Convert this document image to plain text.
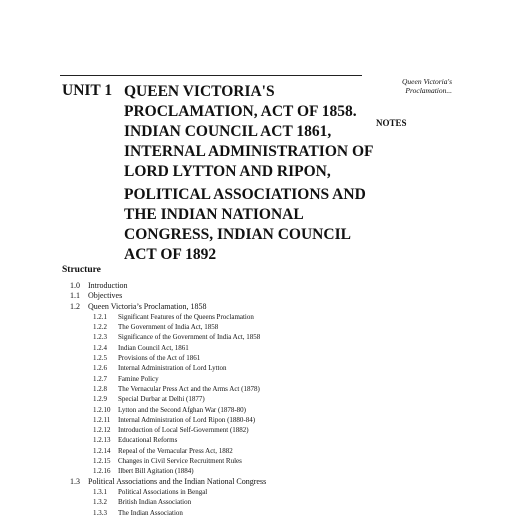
UNIT 1 QUEEN VICTORIA'S
PROCLAMATION, ACT OF 1858.
INDIAN COUNCIL ACT 1861,
INTERNAL ADMINISTRATION OF
LORD LYTTON AND RIPON,
POLITICAL ASSOCIATIONS AND
THE INDIAN NATIONAL
CONGRESS, INDIAN COUNCIL
ACT OF 1892
Queen Victoria's Proclamation...
NOTES
Structure
1.0 Introduction
1.1 Objectives
1.2 Queen Victoria’s Proclamation, 1858
1.2.1 Significant Features of the Queens Proclamation
1.2.2 The Government of India Act, 1858
1.2.3 Significance of the Government of India Act, 1858
1.2.4 Indian Council Act, 1861
1.2.5 Provisions of the Act of 1861
1.2.6 Internal Administration of Lord Lytton
1.2.7 Famine Policy
1.2.8 The Vernacular Press Act and the Arms Act (1878)
1.2.9 Special Durbar at Delhi (1877)
1.2.10 Lytton and the Second Afghan War (1878-80)
1.2.11 Internal Administration of Lord Ripon (1880-84)
1.2.12 Introduction of Local Self-Government (1882)
1.2.13 Educational Reforms
1.2.14 Repeal of the Vernacular Press Act, 1882
1.2.15 Changes in Civil Service Recruitment Rules
1.2.16 Ilbert Bill Agitation (1884)
1.3 Political Associations and the Indian National Congress
1.3.1 Political Associations in Bengal
1.3.2 British Indian Association
1.3.3 The Indian Association
